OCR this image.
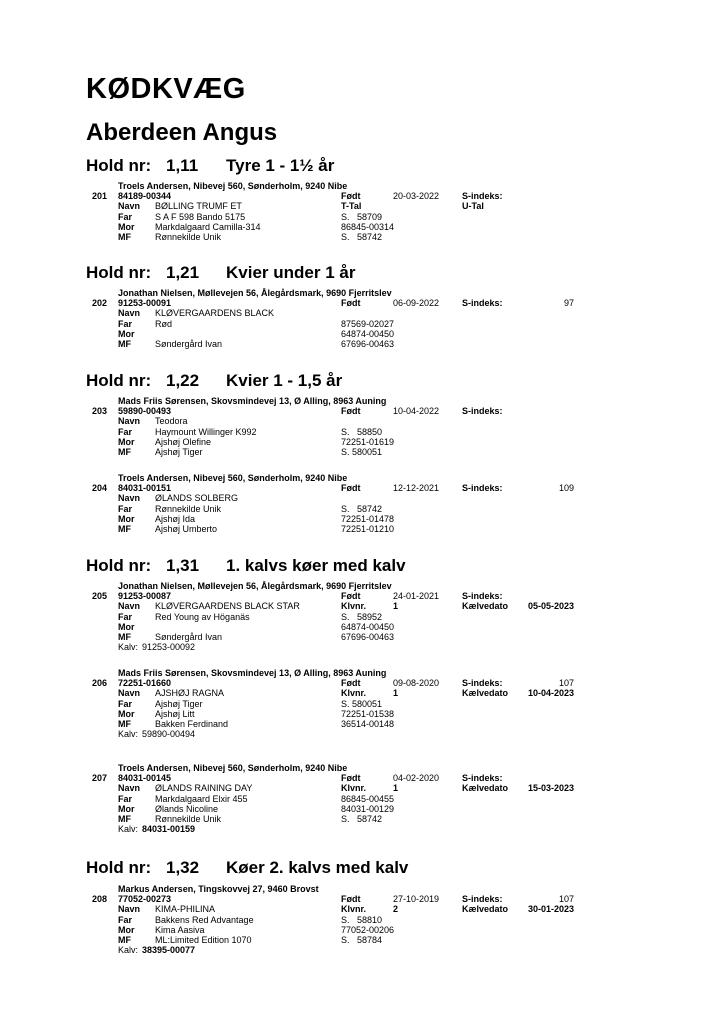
KØDKVÆG
Aberdeen Angus
Hold nr: 1,11 Tyre 1 - 1½ år
Troels Andersen, Nibevej 560, Sønderholm, 9240 Nibe
201 84189-00344	Født	20-03-2022	S-indeks:
Navn BØLLING TRUMF ET	T-Tal	U-Tal
Far	S A F 598 Bando 5175	S.   58709
Mor Markdalgaard Camilla-314	86845-00314
MF	Rønnekilde Unik	S.   58742
Hold nr: 1,21 Kvier under 1 år
Jonathan Nielsen, Møllevejen 56, Ålegårdsmark, 9690 Fjerritslev
202 91253-00091	Født	06-09-2022	S-indeks:	97
Navn KLØVERGAARDENS BLACK
Far	Rød	87569-02027
Mor	64874-00450
MF	Søndergård Ivan	67696-00463
Hold nr: 1,22 Kvier 1 - 1,5 år
Mads Friis Sørensen, Skovsmindevej 13, Ø Alling, 8963 Auning
203 59890-00493	Født	10-04-2022	S-indeks:
Navn Teodora
Far	Haymount Willinger K992	S.   58850
Mor Ajshøj Olefine	72251-01619
MF	Ajshøj Tiger	S. 580051
Troels Andersen, Nibevej 560, Sønderholm, 9240 Nibe
204 84031-00151	Født	12-12-2021	S-indeks:	109
Navn ØLANDS SOLBERG
Far	Rønnekilde Unik	S.   58742
Mor Ajshøj Ida	72251-01478
MF	Ajshøj Umberto	72251-01210
Hold nr: 1,31 1. kalvs køer med kalv
Jonathan Nielsen, Møllevejen 56, Ålegårdsmark, 9690 Fjerritslev
205 91253-00087	Født	24-01-2021	S-indeks:
Navn KLØVERGAARDENS BLACK STAR	Klvnr.	1	Kælvedato 05-05-2023
Far	Red Young av Höganäs	S.   58952
Mor	64874-00450
MF	Søndergård Ivan	67696-00463
Kalv: 91253-00092
Mads Friis Sørensen, Skovsmindevej 13, Ø Alling, 8963 Auning
206 72251-01660	Født	09-08-2020	S-indeks:	107
Navn AJSHØJ RAGNA	Klvnr.	1	Kælvedato 10-04-2023
Far	Ajshøj Tiger	S. 580051
Mor Ajshøj Litt	72251-01538
MF	Bakken Ferdinand	36514-00148
Kalv: 59890-00494
Troels Andersen, Nibevej 560, Sønderholm, 9240 Nibe
207 84031-00145	Født	04-02-2020	S-indeks:
Navn ØLANDS RAINING DAY	Klvnr.	1	Kælvedato 15-03-2023
Far	Markdalgaard Elxir 455	86845-00455
Mor Ølands Nicoline	84031-00129
MF	Rønnekilde Unik	S.   58742
Kalv: 84031-00159
Hold nr: 1,32 Køer 2. kalvs med kalv
Markus Andersen, Tingskovvej 27, 9460 Brovst
208 77052-00273	Født	27-10-2019	S-indeks:	107
Navn KIMA-PHILINA	Klvnr.	2	Kælvedato 30-01-2023
Far	Bakkens Red Advantage	S.   58810
Mor Kima Aasiva	77052-00206
MF	ML:Limited Edition 1070	S.   58784
Kalv: 38395-00077
